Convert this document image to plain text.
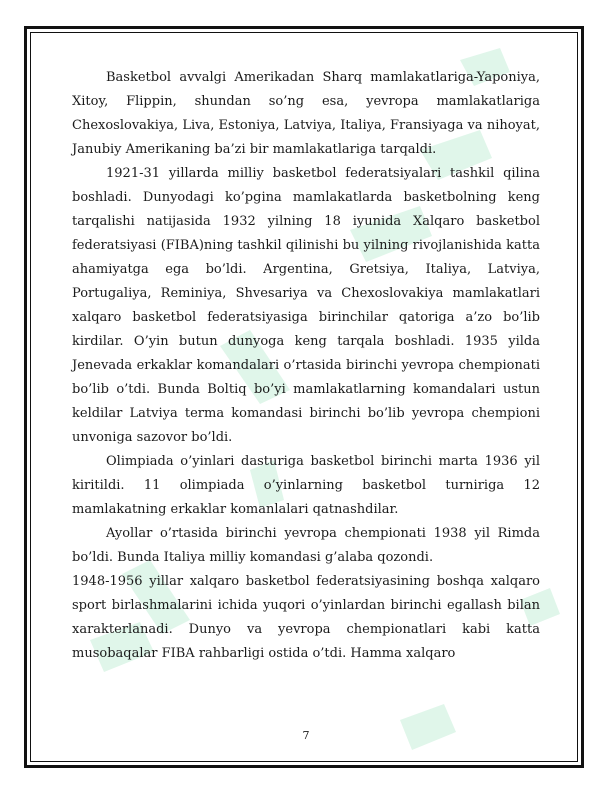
Basketbol avvalgi Amerikadan Sharq mamlakatlariga-Yaponiya, Xitoy, Flippin, shundan so’ng esa, yevropa mamlakatlariga Chexoslovakiya, Liva, Estoniya, Latviya, Italiya, Fransiyaga va nihoyat, Janubiy Amerikaning ba’zi bir mamlakatlariga tarqaldi.

1921-31 yillarda milliy basketbol federatsiyalari tashkil qilina boshladi. Dunyodagi ko’pgina mamlakatlarda basketbolning keng tarqalishi natijasida 1932 yilning 18 iyunida Xalqaro basketbol federatsiyasi (FIBA)ning tashkil qilinishi bu yilning rivojlanishida katta ahamiyatga ega bo’ldi. Argentina, Gretsiya, Italiya, Latviya, Portugaliya, Reminiya, Shvesariya va Chexoslovakiya mamlakatlari xalqaro basketbol federatsiyasiga birinchilar qatoriga a’zo bo’lib kirdilar. O’yin butun dunyoga keng tarqala boshladi. 1935 yilda Jenevada erkaklar komandalari o’rtasida birinchi yevropa chempionati bo’lib o’tdi. Bunda Boltiq bo’yi mamlakatlarning komandalari ustun keldilar Latviya terma komandasi birinchi bo’lib yevropa chempioni unvoniga sazovor bo’ldi.

Olimpiada o’yinlari dasturiga basketbol birinchi marta 1936 yil kiritildi. 11 olimpiada o’yinlarning basketbol turniriga 12 mamlakatning erkaklar komanlalari qatnashdilar.

Ayollar o’rtasida birinchi yevropa chempionati 1938 yil Rimda bo’ldi. Bunda Italiya milliy komandasi g’alaba qozondi.

1948-1956 yillar xalqaro basketbol federatsiyasining boshqa xalqaro sport birlashmalarini ichida yuqori o’yinlardan birinchi egallash bilan xarakterlanadi. Dunyo va yevropa chempionatlari kabi katta musobaqalar FIBA rahbarligi ostida o’tdi. Hamma xalqaro

7
